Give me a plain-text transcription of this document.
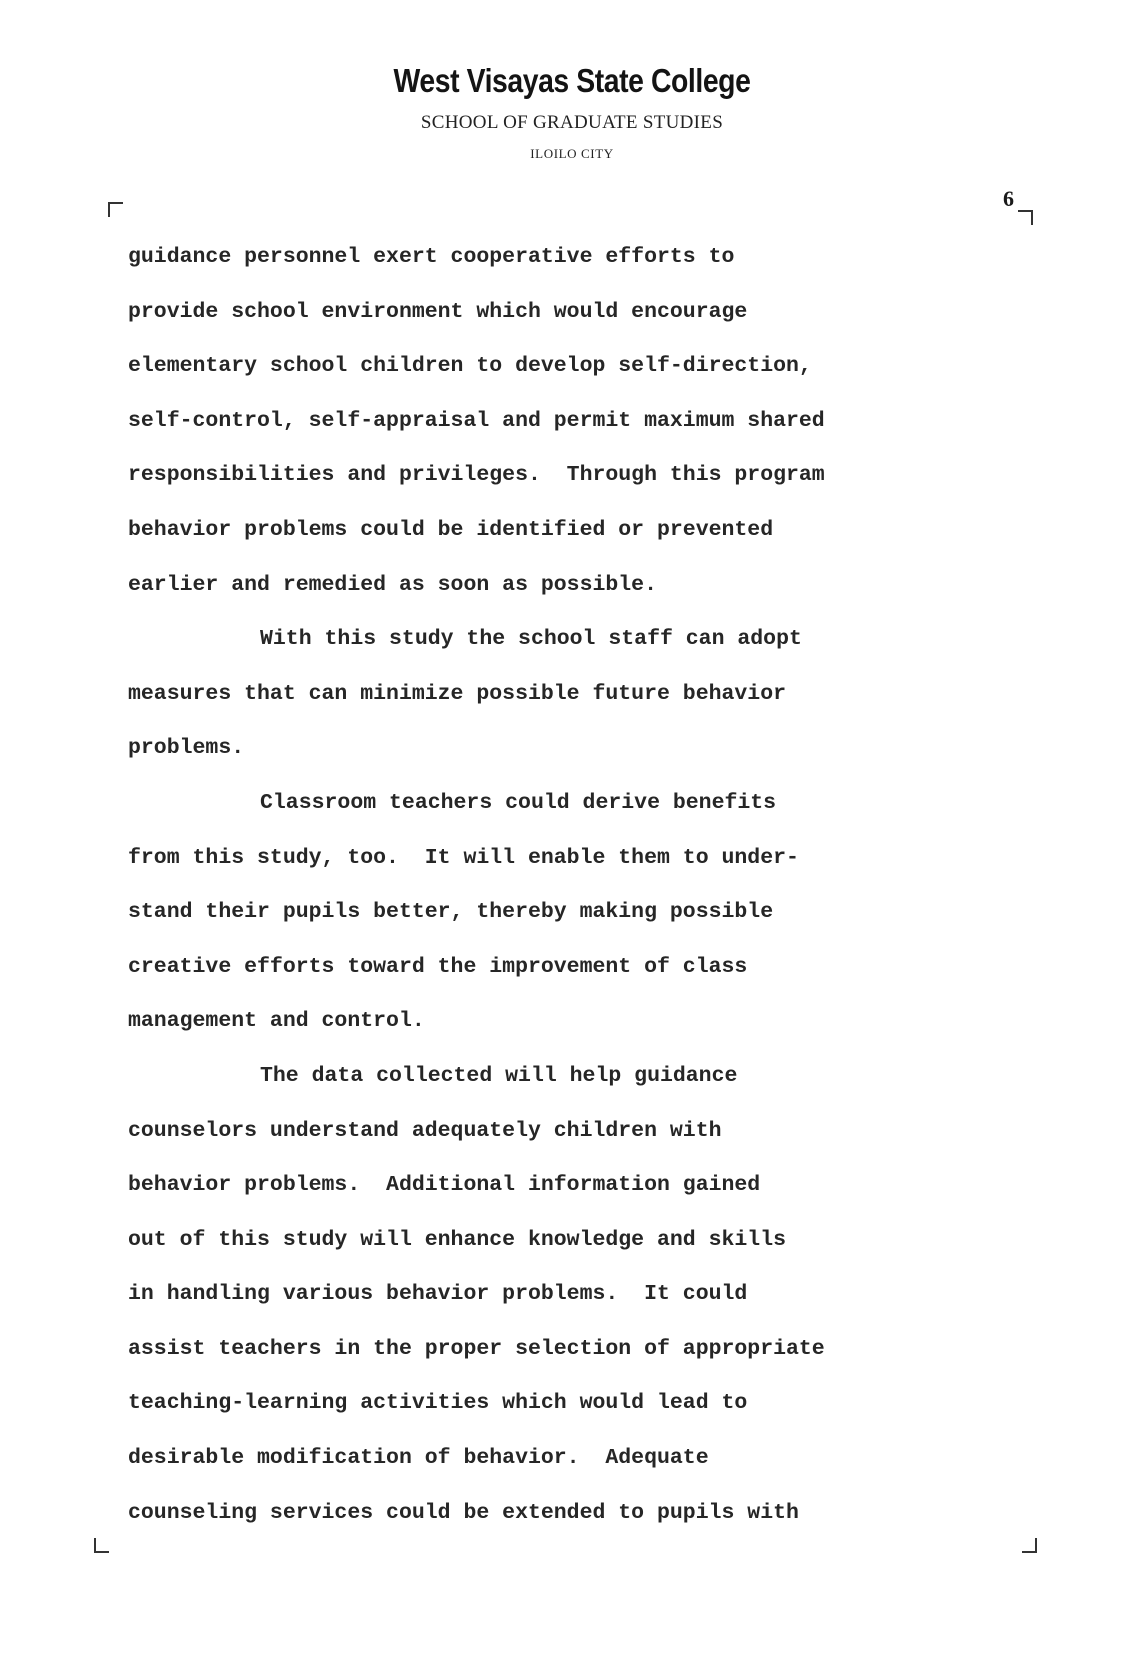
West Visayas State College
SCHOOL OF GRADUATE STUDIES
ILOILO CITY
6
guidance personnel exert cooperative efforts to
provide school environment which would encourage
elementary school children to develop self-direction,
self-control, self-appraisal and permit maximum shared
responsibilities and privileges.  Through this program
behavior problems could be identified or prevented
earlier and remedied as soon as possible.
With this study the school staff can adopt
measures that can minimize possible future behavior
problems.
Classroom teachers could derive benefits
from this study, too.  It will enable them to under-
stand their pupils better, thereby making possible
creative efforts toward the improvement of class
management and control.
The data collected will help guidance
counselors understand adequately children with
behavior problems.  Additional information gained
out of this study will enhance knowledge and skills
in handling various behavior problems.  It could
assist teachers in the proper selection of appropriate
teaching-learning activities which would lead to
desirable modification of behavior.  Adequate
counseling services could be extended to pupils with
